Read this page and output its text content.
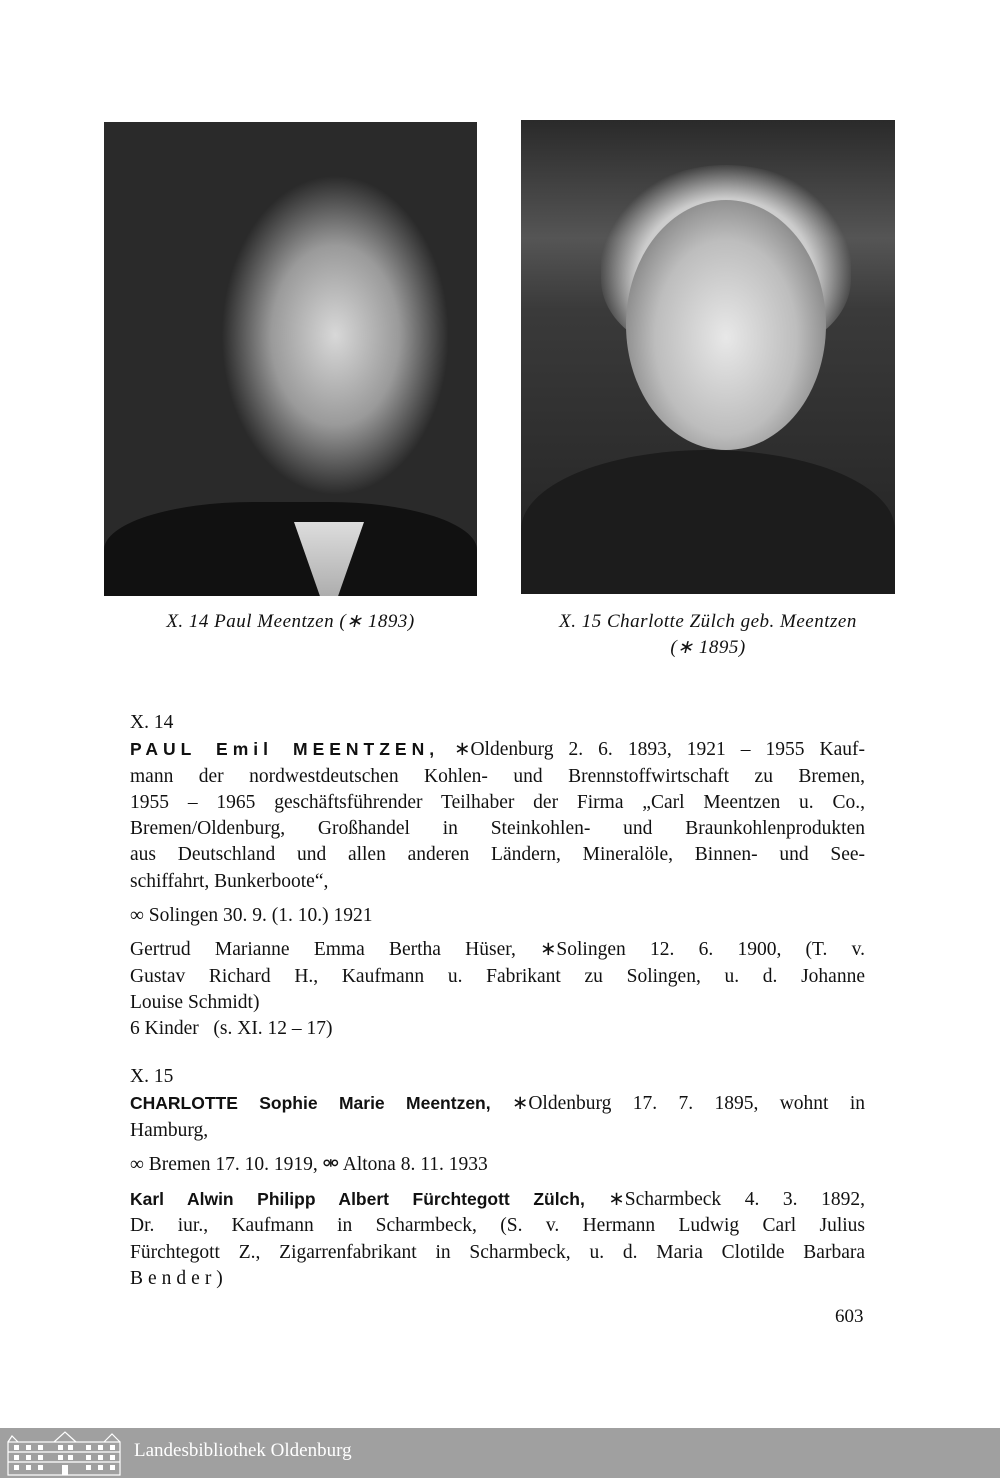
X. 14 Paul Meentzen (∗ 1893)	X. 15 Charlotte Zülch geb. Meentzen
(∗ 1895)
X. 14
PAUL Emil MEENTZEN, ∗Oldenburg 2. 6. 1893, 1921 – 1955 Kauf-
mann der nordwestdeutschen Kohlen- und Brennstoffwirtschaft zu Bremen,
1955 – 1965 geschäftsführender Teilhaber der Firma „Carl Meentzen u. Co.,
Bremen/Oldenburg, Großhandel in Steinkohlen- und Braunkohlenprodukten
aus Deutschland und allen anderen Ländern, Mineralöle, Binnen- und See-
schiffahrt, Bunkerboote“,
∞ Solingen 30. 9. (1. 10.) 1921
Gertrud Marianne Emma Bertha Hüser, ∗Solingen 12. 6. 1900, (T. v.
Gustav Richard H., Kaufmann u. Fabrikant zu Solingen, u. d. Johanne
Louise Schmidt)
6 Kinder   (s. XI. 12 – 17)
X. 15
CHARLOTTE Sophie Marie Meentzen, ∗Oldenburg 17. 7. 1895, wohnt in
Hamburg,
∞ Bremen 17. 10. 1919, ⚮ Altona 8. 11. 1933
Karl Alwin Philipp Albert Fürchtegott Zülch, ∗Scharmbeck 4. 3. 1892,
Dr. iur., Kaufmann in Scharmbeck, (S. v. Hermann Ludwig Carl Julius
Fürchtegott Z., Zigarrenfabrikant in Scharmbeck, u. d. Maria Clotilde Barbara
Bender)
603
Landesbibliothek Oldenburg
